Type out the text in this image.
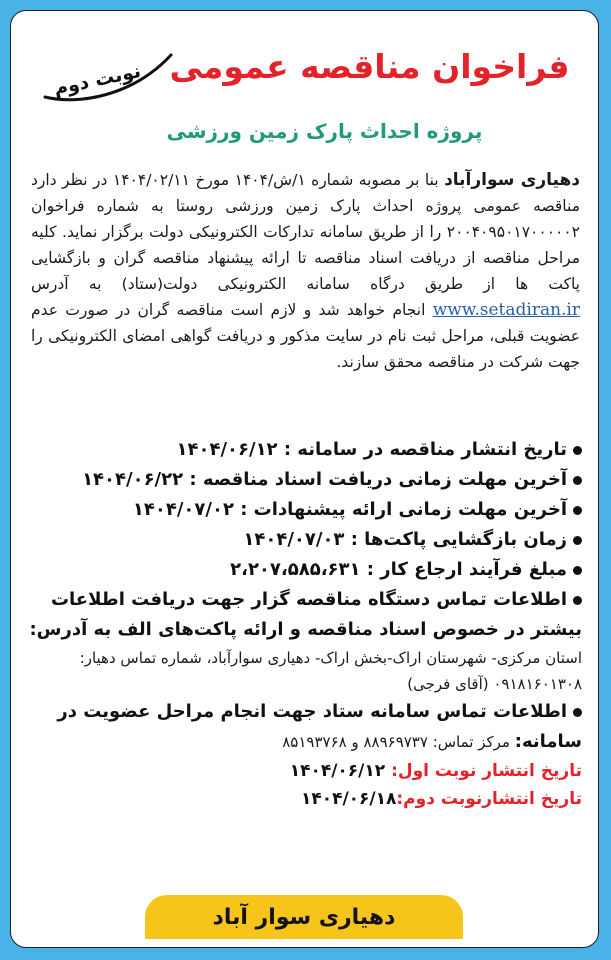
نوبت دوم فراخوان مناقصه عمومی
پروژه احداث پارک زمین ورزشی
دهیاری سوارآباد بنا بر مصوبه شماره ۱/ش/۱۴۰۴ مورخ ۱۴۰۴/۰۲/۱۱ در نظر دارد مناقصه عمومی پروژه احداث پارک زمین ورزشی روستا به شماره فراخوان ۲۰۰۴۰۹۵۰۱۷۰۰۰۰۰۲ را از طریق سامانه تدارکات الکترونیکی دولت برگزار نماید. کلیه مراحل مناقصه از دریافت اسناد مناقصه تا ارائه پیشنهاد مناقصه گران و بازگشایی پاکت ها از طریق درگاه سامانه الکترونیکی دولت(ستاد) به آدرس www.setadiran.ir انجام خواهد شد و لازم است مناقصه گران در صورت عدم عضویت قبلی، مراحل ثبت نام در سایت مذکور و دریافت گواهی امضای الکترونیکی را جهت شرکت در مناقصه محقق سازند.
تاریخ انتشار مناقصه در سامانه : ۱۴۰۴/۰۶/۱۲
آخرین مهلت زمانی دریافت اسناد مناقصه : ۱۴۰۴/۰۶/۲۲
آخرین مهلت زمانی ارائه پیشنهادات : ۱۴۰۴/۰۷/۰۲
زمان بازگشایی پاکت‌ها : ۱۴۰۴/۰۷/۰۳
مبلغ فرآیند ارجاع کار : ۲،۲۰۷،۵۸۵،۶۳۱
اطلاعات تماس دستگاه مناقصه گزار جهت دریافت اطلاعات بیشتر در خصوص اسناد مناقصه و ارائه پاکت‌های الف به آدرس:
استان مرکزی- شهرستان اراک-بخش اراک- دهیاری سوارآباد، شماره تماس دهیار: ۰۹۱۸۱۶۰۱۳۰۸ (آقای فرجی)
اطلاعات تماس سامانه ستاد جهت انجام مراحل عضویت در سامانه: مرکز تماس: ۸۸۹۶۹۷۳۷ و ۸۵۱۹۳۷۶۸
تاریخ انتشار نوبت اول: ۱۴۰۴/۰۶/۱۲
تاریخ انتشارنوبت دوم:۱۴۰۴/۰۶/۱۸
دهیاری سوار آباد
